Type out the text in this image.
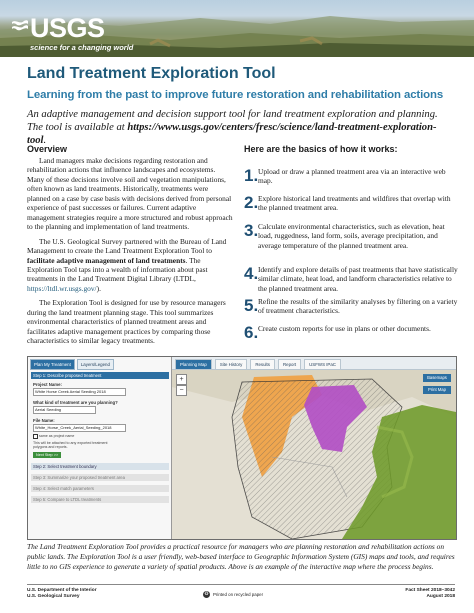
USGS
science for a changing world
Land Treatment Exploration Tool
Learning from the past to improve future restoration and rehabilitation actions
An adaptive management and decision support tool for land treatment exploration and planning. The tool is available at https://www.usgs.gov/centers/fresc/science/land-treatment-exploration-tool.
Overview

Land managers make decisions regarding restoration and rehabilitation actions that influence landscapes and ecosystems. Many of these decisions involve soil and vegetation manipulations, often known as land treatments. Historically, treatments were planned on a case by case basis with decisions derived from personal experience of past successes or failures. Current adaptive management strategies require a more structured and robust approach to the planning and implementation of land treatments.

The U.S. Geological Survey partnered with the Bureau of Land Management to create the Land Treatment Exploration Tool to facilitate adaptive management of land treatments. The Exploration Tool taps into a wealth of information about past treatments in the Land Treatment Digital Library (LTDL, https://ltdl.wr.usgs.gov/).

The Exploration Tool is designed for use by resource managers during the land treatment planning stage. This tool summarizes environmental characteristics of planned treatment areas and facilitates adaptive management practices by comparing those characteristics to similar legacy treatments.

Here are the basics of how it works:
1. Upload or draw a planned treatment area via an interactive web map.
2. Explore historical land treatments and wildfires that overlap with the planned treatment area.
3. Calculate environmental characteristics, such as elevation, heat load, ruggedness, land form, soils, average precipitation, and average temperature of the planned treatment area.
4. Identify and explore details of past treatments that have statistically similar climate, heat load, and landform characteristics relative to the planned treatment area.
5. Refine the results of the similarity analyses by filtering on a variety of treatment characteristics.
6. Create custom reports for use in plans or other documents.
Plan My Treatment	Layers/Legend
Step 1: Describe proposed treatment
Project Name:
White Horse Creek Aerial Seeding 2018
What kind of treatment are you planning?
Aerial Seeding
File Name:
White_Horse_Creek_Aerial_Seeding_2018
same as project name
This will be attached to any exported treatment polygons and reports.
Next Step >>
Step 2: Select treatment boundary
Step 3: Summarize your proposed treatment area
Step 4: Select match parameters
Step 5: Compare to LTDL treatments
Planning Map	Site History	Results	Report	USFWS IPaC
Basemaps
Print Map
+
−
The Land Treatment Exploration Tool provides a practical resource for managers who are planning restoration and rehabilitation actions on public lands. The Exploration Tool is a user friendly, web-based interface to Geographic Information System (GIS) maps and tools, and requires little to no GIS experience to generate a variety of spatial products. Above is an example of the interactive map where the process begins.
U.S. Department of the Interior
U.S. Geological Survey	♻ Printed on recycled paper
Fact Sheet 2018–3042
August 2018
